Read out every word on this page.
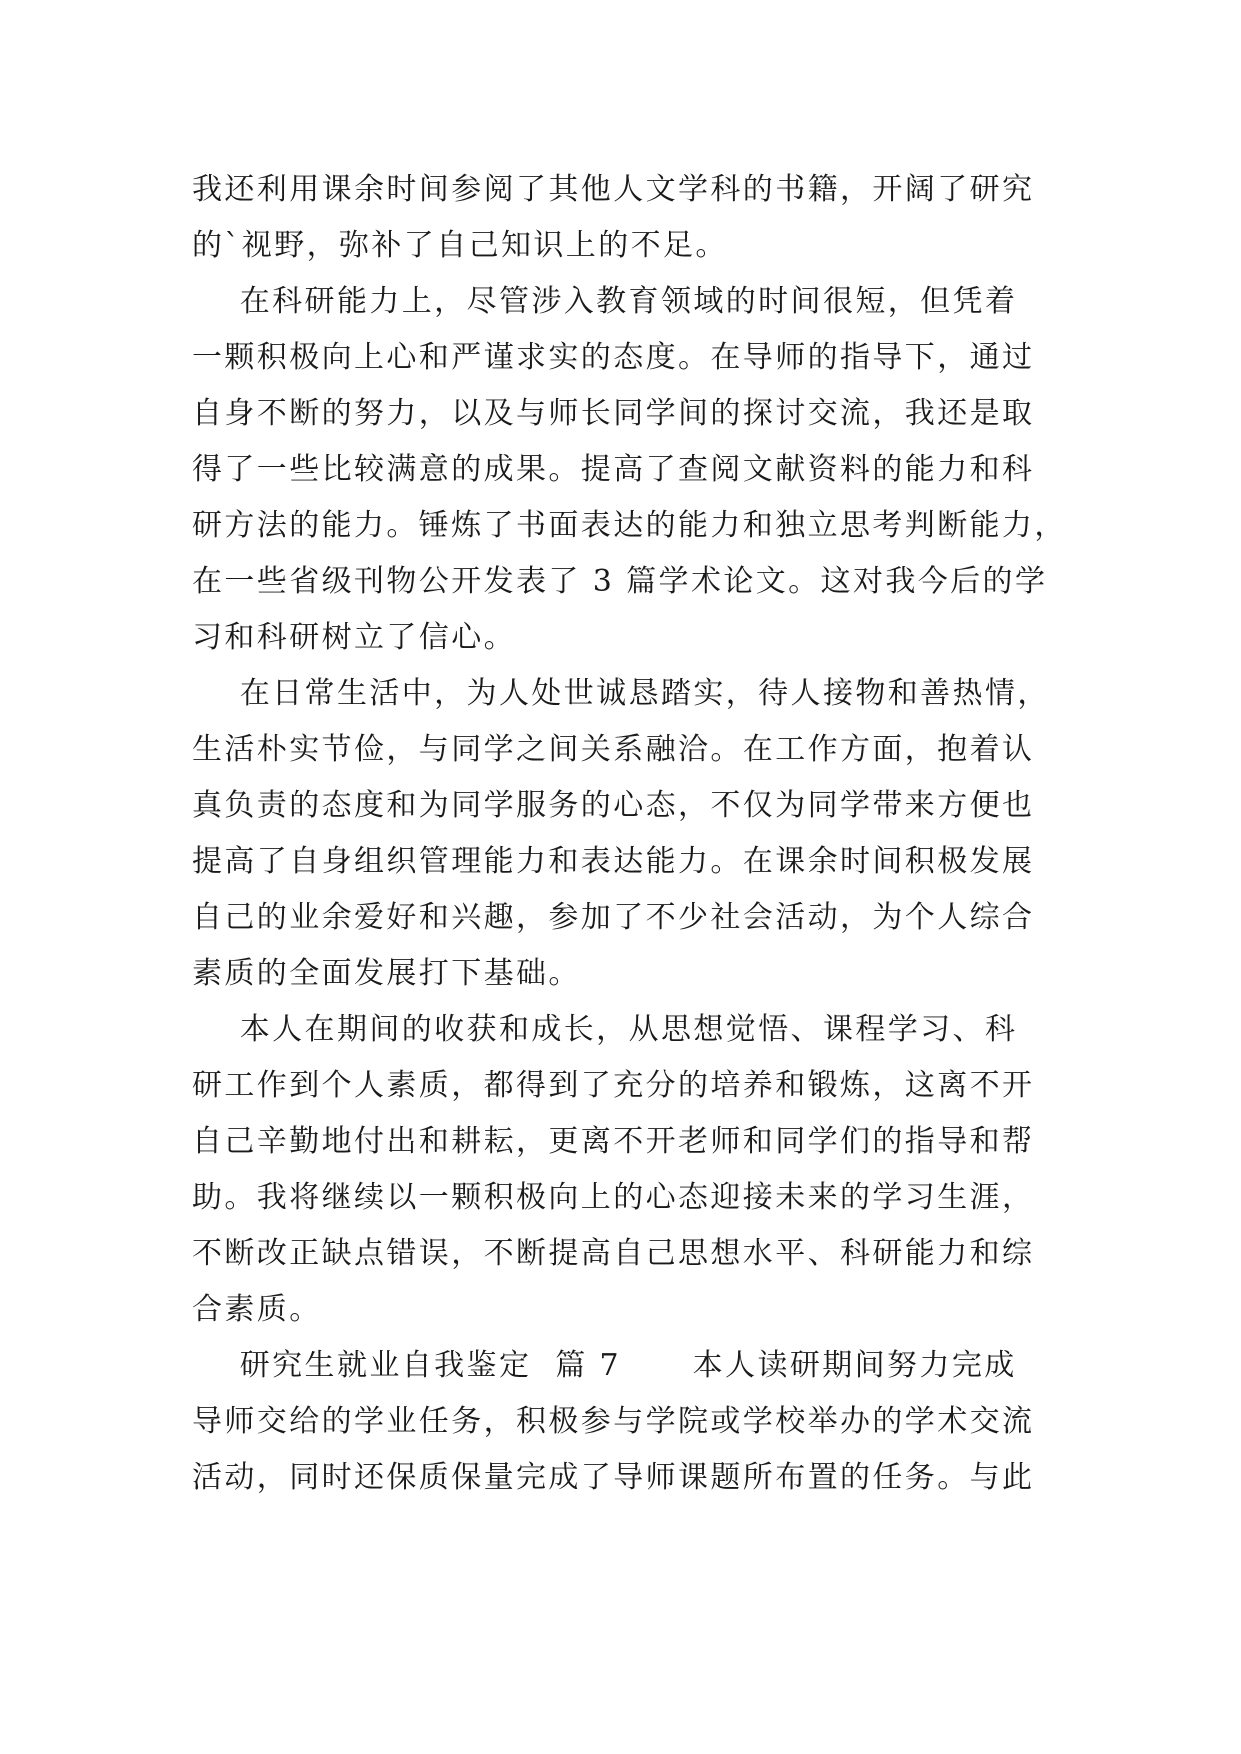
我还利用课余时间参阅了其他人文学科的书籍，开阔了研究
的`视野，弥补了自己知识上的不足。
在科研能力上，尽管涉入教育领域的时间很短，但凭着
一颗积极向上心和严谨求实的态度。在导师的指导下，通过
自身不断的努力，以及与师长同学间的探讨交流，我还是取
得了一些比较满意的成果。提高了查阅文献资料的能力和科
研方法的能力。锤炼了书面表达的能力和独立思考判断能力，
在一些省级刊物公开发表了 3 篇学术论文。这对我今后的学
习和科研树立了信心。
在日常生活中，为人处世诚恳踏实，待人接物和善热情，
生活朴实节俭，与同学之间关系融洽。在工作方面，抱着认
真负责的态度和为同学服务的心态，不仅为同学带来方便也
提高了自身组织管理能力和表达能力。在课余时间积极发展
自己的业余爱好和兴趣，参加了不少社会活动，为个人综合
素质的全面发展打下基础。
本人在期间的收获和成长，从思想觉悟、课程学习、科
研工作到个人素质，都得到了充分的培养和锻炼，这离不开
自己辛勤地付出和耕耘，更离不开老师和同学们的指导和帮
助。我将继续以一颗积极向上的心态迎接未来的学习生涯，
不断改正缺点错误，不断提高自己思想水平、科研能力和综
合素质。
研究生就业自我鉴定  篇 7      本人读研期间努力完成
导师交给的学业任务，积极参与学院或学校举办的学术交流
活动，同时还保质保量完成了导师课题所布置的任务。与此
